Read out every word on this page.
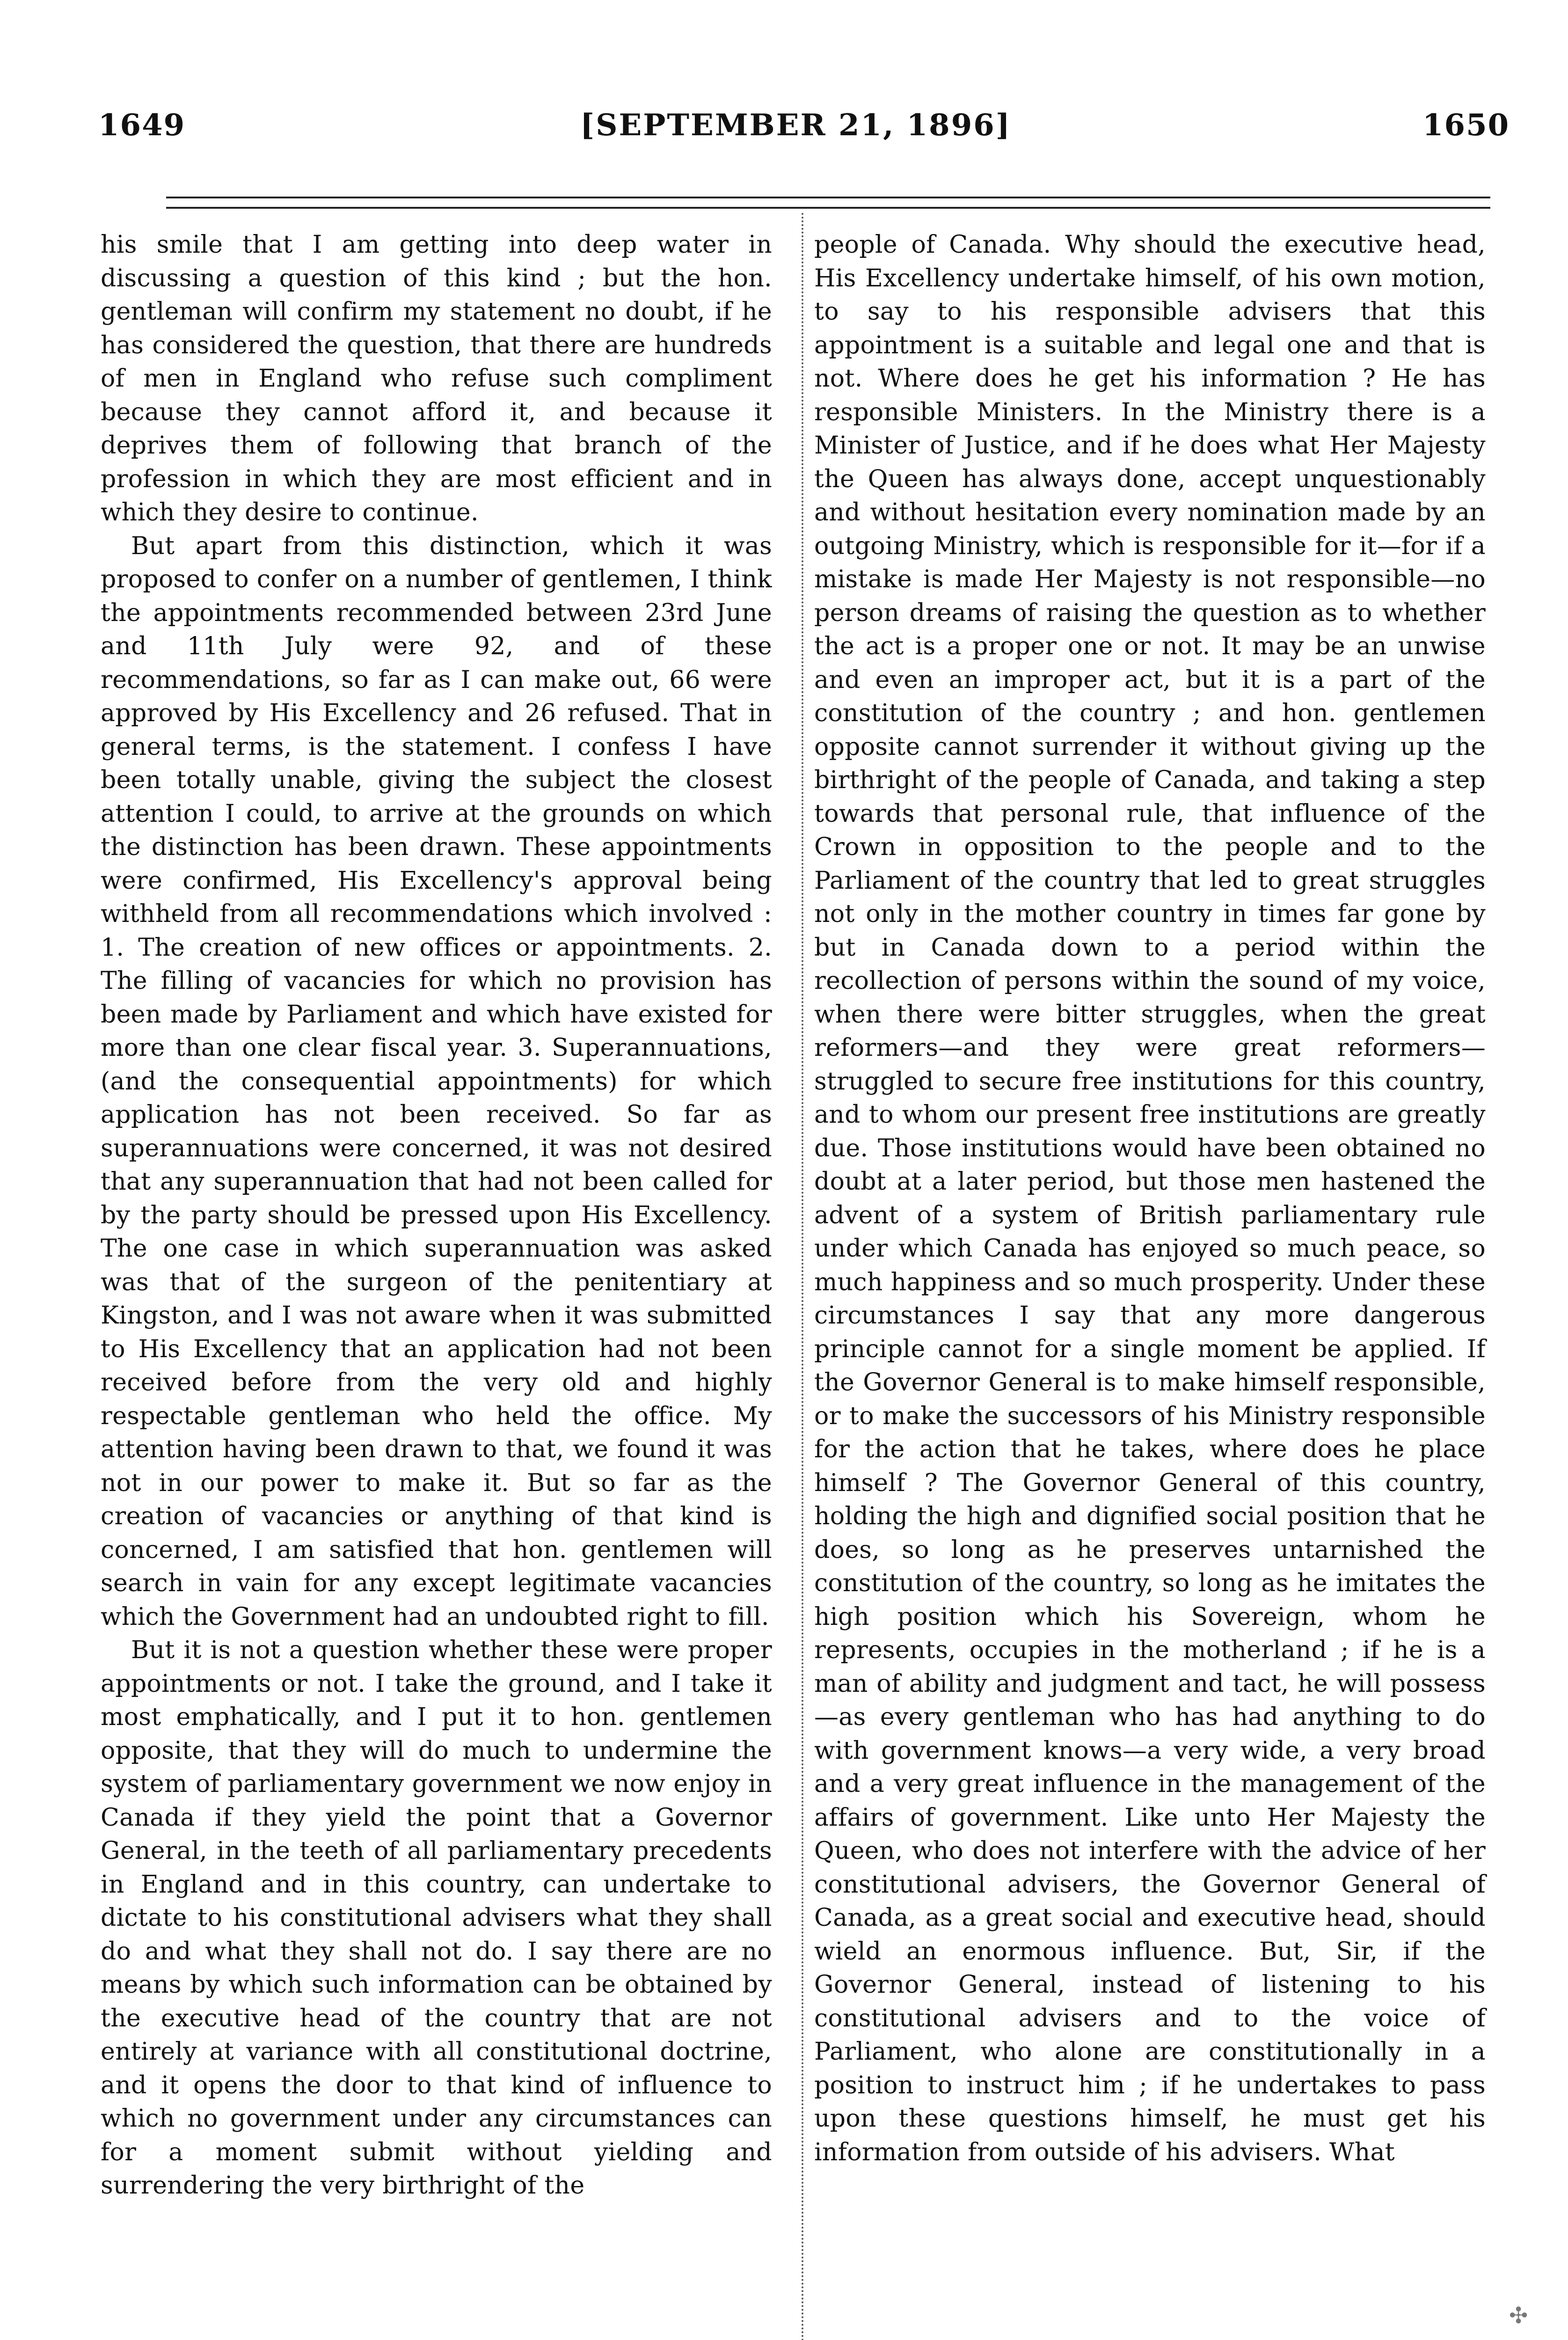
1649	[SEPTEMBER 21, 1896]	1650

his smile that I am getting into deep water in discussing a question of this kind ; but the hon. gentleman will confirm my statement no doubt, if he has considered the question, that there are hundreds of men in England who refuse such compliment because they cannot afford it, and because it deprives them of following that branch of the profession in which they are most efficient and in which they desire to continue.

But apart from this distinction, which it was proposed to confer on a number of gentlemen, I think the appointments recommended between 23rd June and 11th July were 92, and of these recommendations, so far as I can make out, 66 were approved by His Excellency and 26 refused. That in general terms, is the statement. I confess I have been totally unable, giving the subject the closest attention I could, to arrive at the grounds on which the distinction has been drawn. These appointments were confirmed, His Excellency's approval being withheld from all recommendations which involved : 1. The creation of new offices or appointments. 2. The filling of vacancies for which no provision has been made by Parliament and which have existed for more than one clear fiscal year. 3. Superannuations, (and the consequential appointments) for which application has not been received. So far as superannuations were concerned, it was not desired that any superannuation that had not been called for by the party should be pressed upon His Excellency. The one case in which superannuation was asked was that of the surgeon of the penitentiary at Kingston, and I was not aware when it was submitted to His Excellency that an application had not been received before from the very old and highly respectable gentleman who held the office. My attention having been drawn to that, we found it was not in our power to make it. But so far as the creation of vacancies or anything of that kind is concerned, I am satisfied that hon. gentlemen will search in vain for any except legitimate vacancies which the Government had an undoubted right to fill.

But it is not a question whether these were proper appointments or not. I take the ground, and I take it most emphatically, and I put it to hon. gentlemen opposite, that they will do much to undermine the system of parliamentary government we now enjoy in Canada if they yield the point that a Governor General, in the teeth of all parliamentary precedents in England and in this country, can undertake to dictate to his constitutional advisers what they shall do and what they shall not do. I say there are no means by which such information can be obtained by the executive head of the country that are not entirely at variance with all constitutional doctrine, and it opens the door to that kind of influence to which no government under any circumstances can for a moment submit without yielding and surrendering the very birthright of the

people of Canada. Why should the executive head, His Excellency undertake himself, of his own motion, to say to his responsible advisers that this appointment is a suitable and legal one and that is not. Where does he get his information ? He has responsible Ministers. In the Ministry there is a Minister of Justice, and if he does what Her Majesty the Queen has always done, accept unquestionably and without hesitation every nomination made by an outgoing Ministry, which is responsible for it—for if a mistake is made Her Majesty is not responsible—no person dreams of raising the question as to whether the act is a proper one or not. It may be an unwise and even an improper act, but it is a part of the constitution of the country ; and hon. gentlemen opposite cannot surrender it without giving up the birthright of the people of Canada, and taking a step towards that personal rule, that influence of the Crown in opposition to the people and to the Parliament of the country that led to great struggles not only in the mother country in times far gone by but in Canada down to a period within the recollection of persons within the sound of my voice, when there were bitter struggles, when the great reformers—and they were great reformers—struggled to secure free institutions for this country, and to whom our present free institutions are greatly due. Those institutions would have been obtained no doubt at a later period, but those men hastened the advent of a system of British parliamentary rule under which Canada has enjoyed so much peace, so much happiness and so much prosperity. Under these circumstances I say that any more dangerous principle cannot for a single moment be applied. If the Governor General is to make himself responsible, or to make the successors of his Ministry responsible for the action that he takes, where does he place himself ? The Governor General of this country, holding the high and dignified social position that he does, so long as he preserves untarnished the constitution of the country, so long as he imitates the high position which his Sovereign, whom he represents, occupies in the motherland ; if he is a man of ability and judgment and tact, he will possess—as every gentleman who has had anything to do with government knows—a very wide, a very broad and a very great influence in the management of the affairs of government. Like unto Her Majesty the Queen, who does not interfere with the advice of her constitutional advisers, the Governor General of Canada, as a great social and executive head, should wield an enormous influence. But, Sir, if the Governor General, instead of listening to his constitutional advisers and to the voice of Parliament, who alone are constitutionally in a position to instruct him ; if he undertakes to pass upon these questions himself, he must get his information from outside of his advisers. What

✣
